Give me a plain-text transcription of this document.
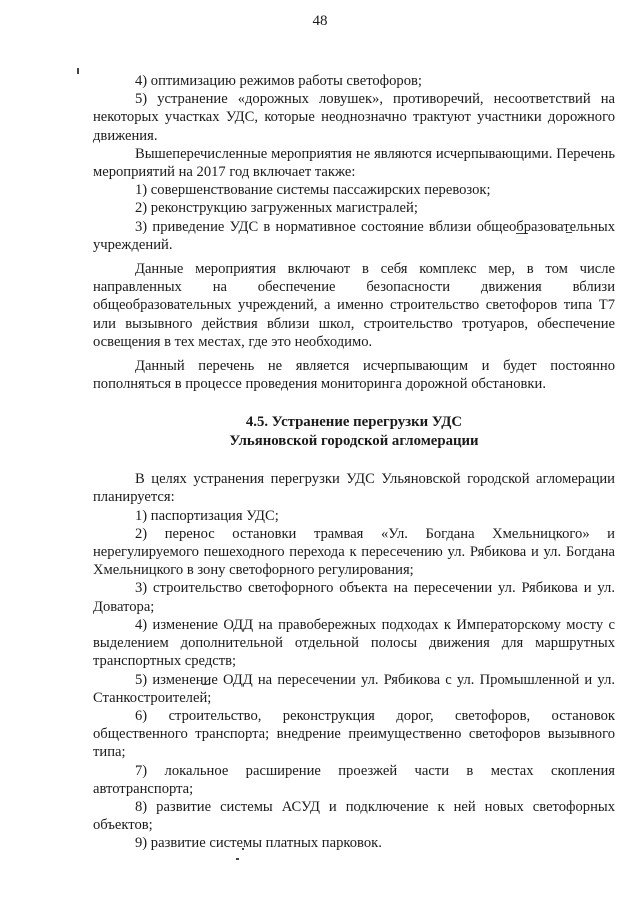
48

4) оптимизацию режимов работы светофоров;

5) устранение «дорожных ловушек», противоречий, несоответствий на некоторых участках УДС, которые неоднозначно трактуют участники дорожного движения.

Вышеперечисленные мероприятия не являются исчерпывающими. Перечень мероприятий на 2017 год включает также:

1) совершенствование системы пассажирских перевозок;

2) реконструкцию загруженных магистралей;

3) приведение УДС в нормативное состояние вблизи общеобразовательных учреждений.

Данные мероприятия включают в себя комплекс мер, в том числе направленных на обеспечение безопасности движения вблизи общеобразовательных учреждений, а именно строительство светофоров типа Т7 или вызывного действия вблизи школ, строительство тротуаров, обеспечение освещения в тех местах, где это необходимо.

Данный перечень не является исчерпывающим и будет постоянно пополняться в процессе проведения мониторинга дорожной обстановки.

4.5. Устранение перегрузки УДС

Ульяновской городской агломерации

В целях устранения перегрузки УДС Ульяновской городской агломерации планируется:

1) паспортизация УДС;

2) перенос остановки трамвая «Ул. Богдана Хмельницкого» и нерегулируемого пешеходного перехода к пересечению ул. Рябикова и ул. Богдана Хмельницкого в зону светофорного регулирования;

3) строительство светофорного объекта на пересечении ул. Рябикова и ул. Доватора;

4) изменение ОДД на правобережных подходах к Императорскому мосту с выделением дополнительной отдельной полосы движения для маршрутных транспортных средств;

5) изменение ОДД на пересечении ул. Рябикова с ул. Промышленной и ул. Станкостроителей;

6) строительство, реконструкция дорог, светофоров, остановок общественного транспорта; внедрение преимущественно светофоров вызывного типа;

7) локальное расширение проезжей части в местах скопления автотранспорта;

8) развитие системы АСУД и подключение к ней новых светофорных объектов;

9) развитие системы платных парковок.
